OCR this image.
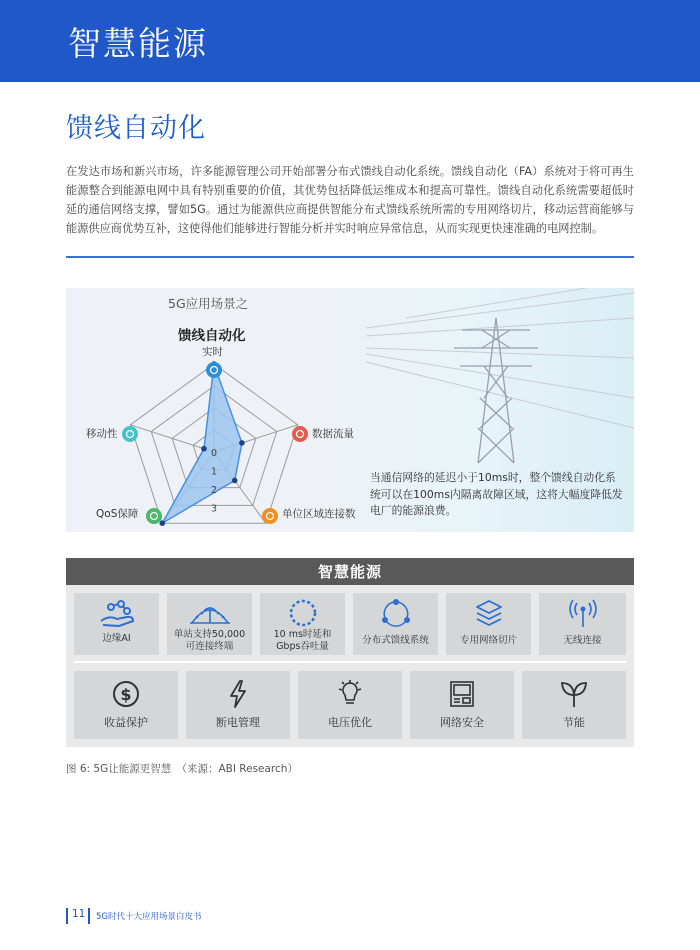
智慧能源
馈线自动化
在发达市场和新兴市场，许多能源管理公司开始部署分布式馈线自动化系统。馈线自动化（FA）系统对于将可再生能源整合到能源电网中具有特别重要的价值，其优势包括降低运维成本和提高可靠性。馈线自动化系统需要超低时延的通信网络支撑，譬如5G。通过为能源供应商提供智能分布式馈线系统所需的专用网络切片，移动运营商能够与能源供应商优势互补，这使得他们能够进行智能分析并实时响应异常信息，从而实现更快速准确的电网控制。
5G应用场景之
馈线自动化
0
1
2
3
当通信网络的延迟小于10ms时，整个馈线自动化系统可以在100ms内隔离故障区域，这将大幅度降低发电厂的能源浪费。
实时
数据流量
单位区域连接数
QoS保障
移动性
智慧能源
边缘AI	单站支持50,000
可连接终端
10 ms时延和
Gbps吞吐量
分布式馈线系统	专用网络切片	无线连接
$
收益保护	断电管理	电压优化	网络安全	节能
图 6: 5G让能源更智慧　（来源：ABI Research）
11 5G时代十大应用场景白皮书
